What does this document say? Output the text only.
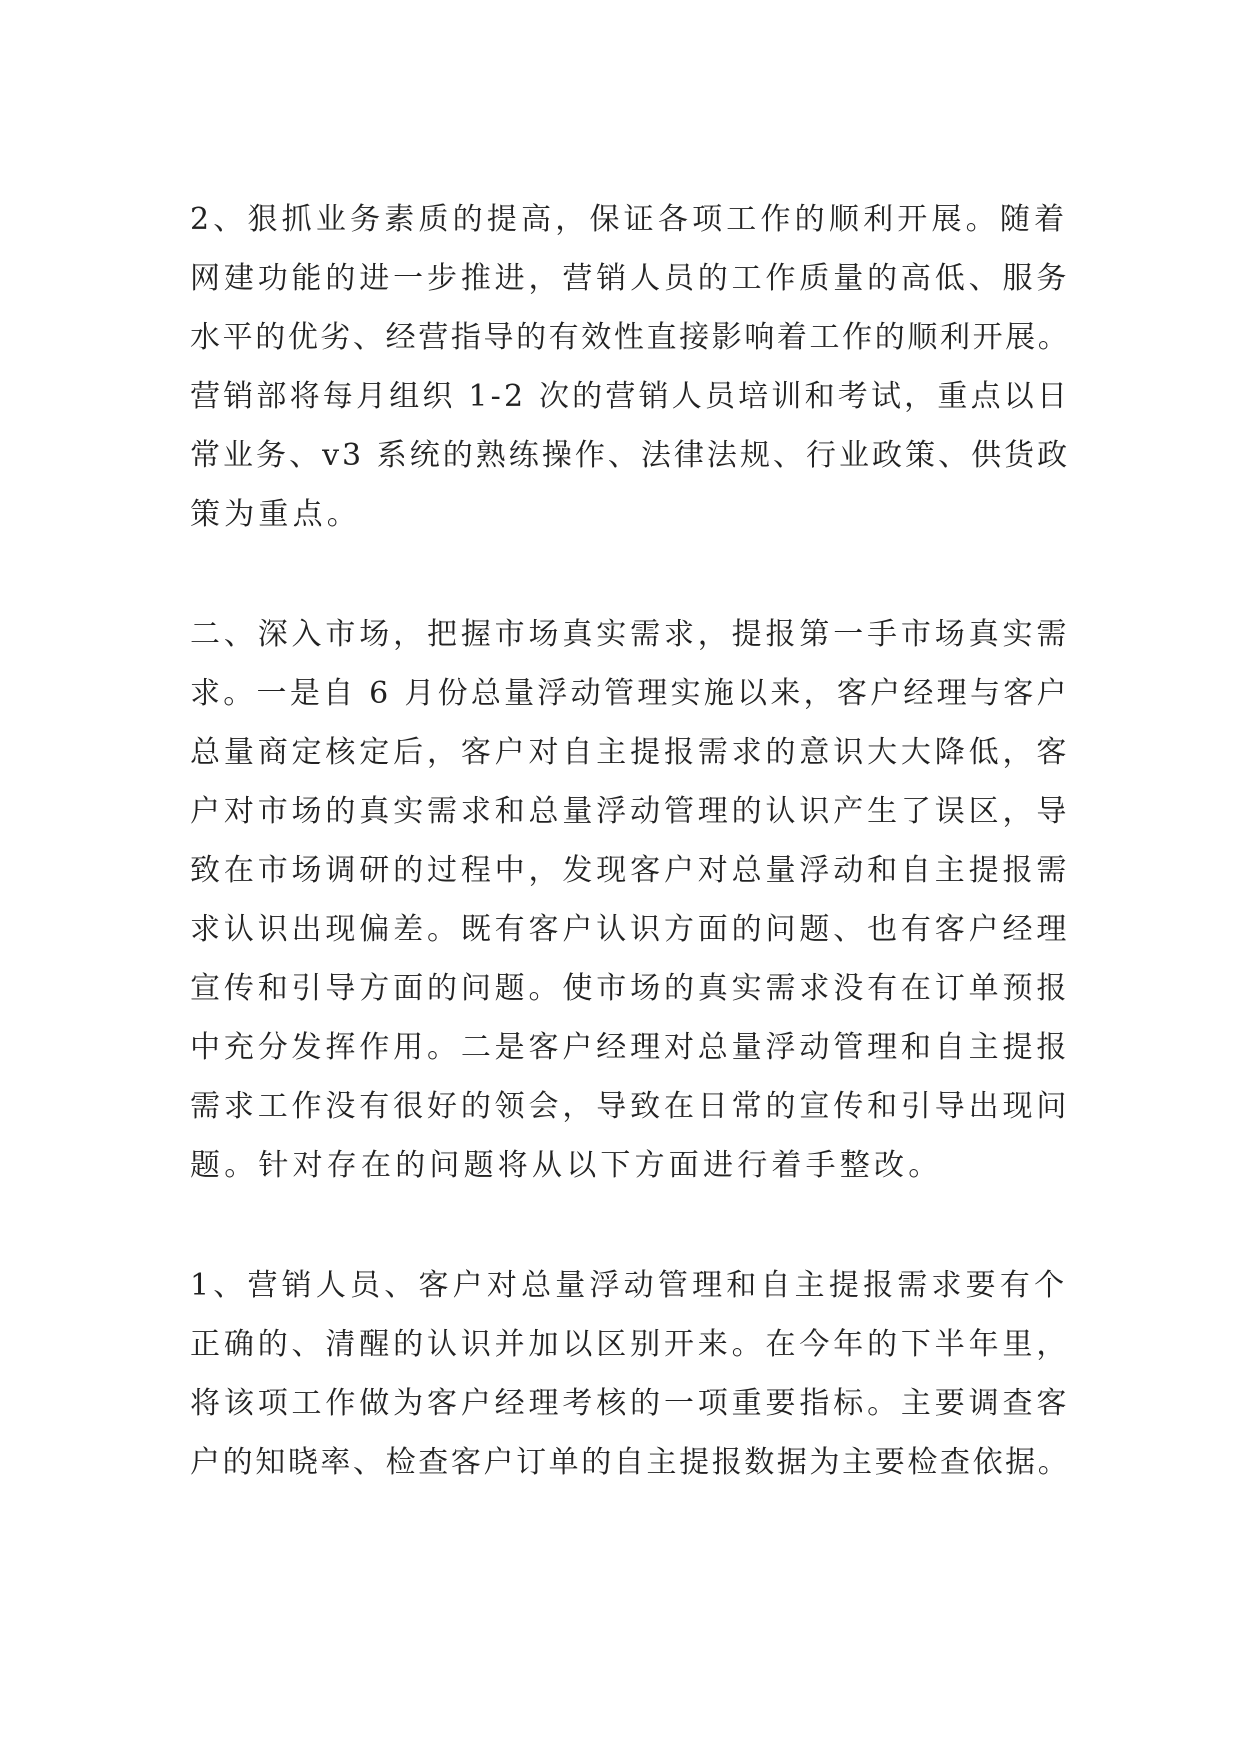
2、狠抓业务素质的提高，保证各项工作的顺利开展。随着
网建功能的进一步推进，营销人员的工作质量的高低、服务
水平的优劣、经营指导的有效性直接影响着工作的顺利开展。
营销部将每月组织 1-2 次的营销人员培训和考试，重点以日
常业务、v3 系统的熟练操作、法律法规、行业政策、供货政
策为重点。
二、深入市场，把握市场真实需求，提报第一手市场真实需
求。一是自 6 月份总量浮动管理实施以来，客户经理与客户
总量商定核定后，客户对自主提报需求的意识大大降低，客
户对市场的真实需求和总量浮动管理的认识产生了误区，导
致在市场调研的过程中，发现客户对总量浮动和自主提报需
求认识出现偏差。既有客户认识方面的问题、也有客户经理
宣传和引导方面的问题。使市场的真实需求没有在订单预报
中充分发挥作用。二是客户经理对总量浮动管理和自主提报
需求工作没有很好的领会，导致在日常的宣传和引导出现问
题。针对存在的问题将从以下方面进行着手整改。
1、营销人员、客户对总量浮动管理和自主提报需求要有个
正确的、清醒的认识并加以区别开来。在今年的下半年里，
将该项工作做为客户经理考核的一项重要指标。主要调查客
户的知晓率、检查客户订单的自主提报数据为主要检查依据。
